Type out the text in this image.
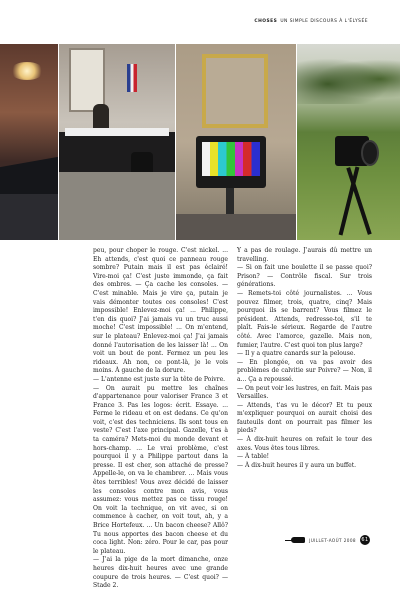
CHOSES UN SIMPLE DISCOURS À L'ÉLYSÉE

peu, pour choper le rouge. C'est nickel. ... Eh attends, c'est quoi ce panneau rouge sombre? Putain mais il est pas éclairé! Vire-moi ça! C'est juste immonde, ça fait des ombres. — Ça cache les consoles. — C'est minable. Mais je vire ça, putain je vais démonter toutes ces consoles! C'est impossible! Enlevez-moi ça! ... Philippe, t'en dis quoi? J'ai jamais vu un truc aussi moche! C'est impossible! ... On m'entend, sur le plateau? Enlevez-moi ça! J'ai jamais donné l'autorisation de les laisser là! ... On voit un bout de pont. Fermez un peu les rideaux. Ah non, ce pont-là, je le vois moins. À gauche de la dorure.
— L'antenne est juste sur la tête de Poivre.
— On aurait pu mettre les chaînes d'appartenance pour valoriser France 3 et France 3. Pas les logos: écrit. Essaye. ... Ferme le rideau et on est dedans. Ce qu'on voit, c'est des techniciens. Ils sont tous en veste? C'est l'axe principal. Gazelle, t'es à ta caméra? Mets-moi du monde devant et hors-champ. ... Le vrai problème, c'est pourquoi il y a Philippe partout dans la presse. Il est cher, son attaché de presse? Appelle-le, on va le chambrer. ... Mais vous êtes terribles! Vous avez décidé de laisser les consoles contre mon avis, vous assumez: vous mettez pas ce tissu rouge! On voit la technique, on vit avec, si on commence à cacher, on voit tout, ah, y a Brice Hortefeux. ... Un bacon cheese? Allô? Tu nous apportes des bacon cheese et du coca light. Non: zéro. Pour le car, pas pour le plateau.
— J'ai la pige de la mort dimanche, onze heures dix-huit heures avec une grande coupure de trois heures. — C'est quoi? — Stade 2.

Y a pas de roulage. J'aurais dû mettre un travelling.
— Si on fait une boulette il se passe quoi? Prison? — Contrôle fiscal. Sur trois générations.
— Remets-toi côté journalistes. ... Vous pouvez filmer, trois, quatre, cinq? Mais pourquoi ils se barrent? Vous filmez le président. Attends, redresse-toi, s'il te plaît. Fais-le sérieux. Regarde de l'autre côté. Avec l'amorce, gazelle. Mais non, fumier, l'autre. C'est quoi ton plus large?
— Il y a quatre canards sur la pelouse.
— En plongée, on va pas avoir des problèmes de calvitie sur Poivre? — Non, il a... Ça a repoussé.
— On peut voir les lustres, en fait. Mais pas Versailles.
— Attends, t'as vu le décor? Et tu peux m'expliquer pourquoi on aurait choisi des fauteuils dont on pourrait pas filmer les pieds?
— À dix-huit heures on refait le tour des axes. Vous êtes tous libres.
— À table!
— À dix-huit heures il y aura un buffet.

JUILLET-AOÛT 2008 61
